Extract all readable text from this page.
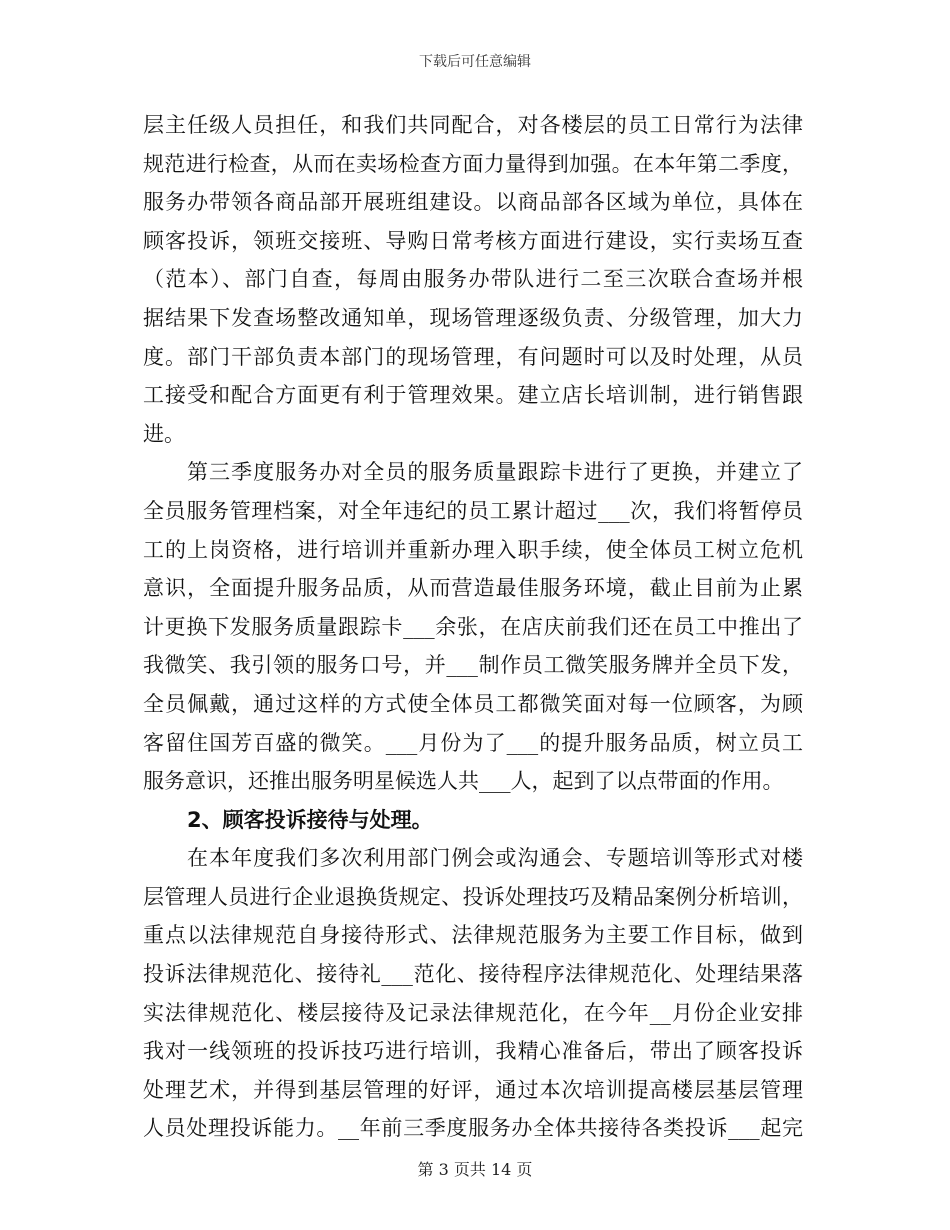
下载后可任意编辑
层主任级人员担任，和我们共同配合，对各楼层的员工日常行为法律
规范进行检查，从而在卖场检查方面力量得到加强。在本年第二季度，
服务办带领各商品部开展班组建设。以商品部各区域为单位，具体在
顾客投诉，领班交接班、导购日常考核方面进行建设，实行卖场互查
（范本）、部门自查，每周由服务办带队进行二至三次联合查场并根
据结果下发查场整改通知单，现场管理逐级负责、分级管理，加大力
度。部门干部负责本部门的现场管理，有问题时可以及时处理，从员
工接受和配合方面更有利于管理效果。建立店长培训制，进行销售跟
进。
第三季度服务办对全员的服务质量跟踪卡进行了更换，并建立了
全员服务管理档案，对全年违纪的员工累计超过___次，我们将暂停员
工的上岗资格，进行培训并重新办理入职手续，使全体员工树立危机
意识，全面提升服务品质，从而营造最佳服务环境，截止目前为止累
计更换下发服务质量跟踪卡___余张，在店庆前我们还在员工中推出了
我微笑、我引领的服务口号，并___制作员工微笑服务牌并全员下发，
全员佩戴，通过这样的方式使全体员工都微笑面对每一位顾客，为顾
客留住国芳百盛的微笑。___月份为了___的提升服务品质，树立员工
服务意识，还推出服务明星候选人共___人，起到了以点带面的作用。
2、顾客投诉接待与处理。
在本年度我们多次利用部门例会或沟通会、专题培训等形式对楼
层管理人员进行企业退换货规定、投诉处理技巧及精品案例分析培训，
重点以法律规范自身接待形式、法律规范服务为主要工作目标，做到
投诉法律规范化、接待礼___范化、接待程序法律规范化、处理结果落
实法律规范化、楼层接待及记录法律规范化，在今年__月份企业安排
我对一线领班的投诉技巧进行培训，我精心准备后，带出了顾客投诉
处理艺术，并得到基层管理的好评，通过本次培训提高楼层基层管理
人员处理投诉能力。__年前三季度服务办全体共接待各类投诉___起完
第 3 页共 14 页
